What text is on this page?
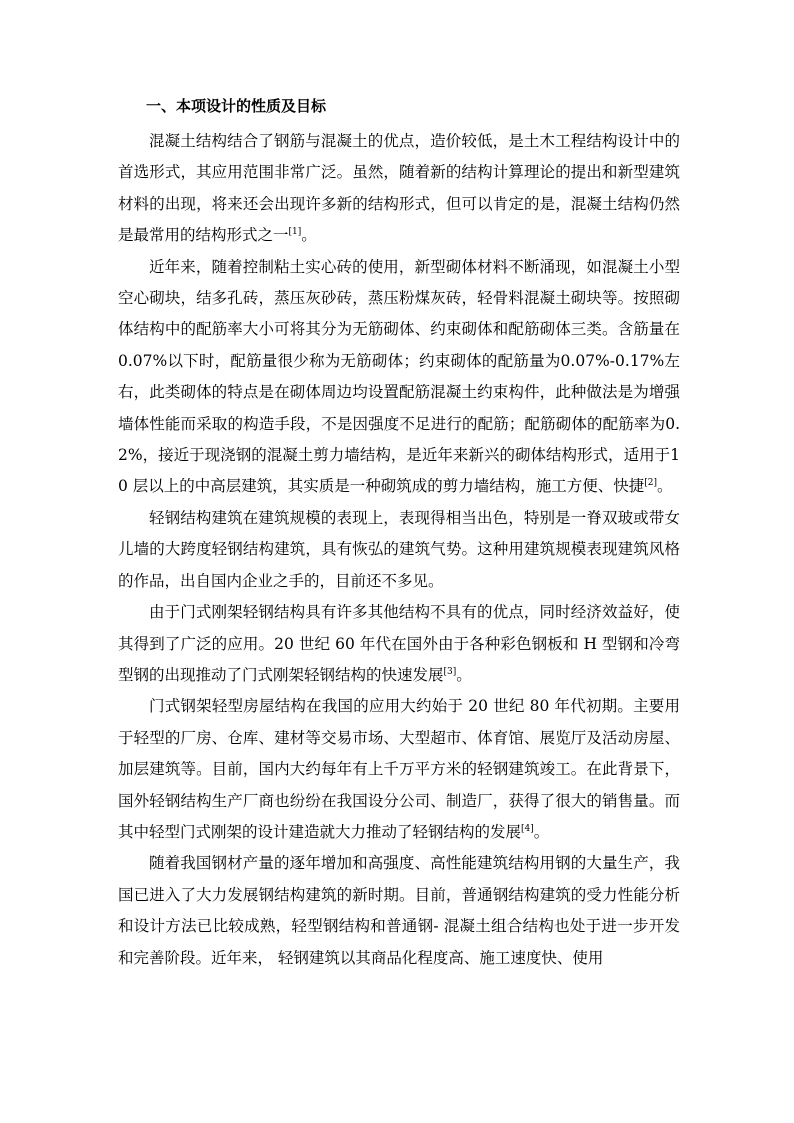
一、本项设计的性质及目标

混凝土结构结合了钢筋与混凝土的优点，造价较低，是土木工程结构设计中的首选形式，其应用范围非常广泛。虽然，随着新的结构计算理论的提出和新型建筑材料的出现，将来还会出现许多新的结构形式，但可以肯定的是，混凝土结构仍然是最常用的结构形式之一[1]。

近年来，随着控制粘土实心砖的使用，新型砌体材料不断涌现，如混凝土小型空心砌块，结多孔砖，蒸压灰砂砖，蒸压粉煤灰砖，轻骨料混凝土砌块等。按照砌体结构中的配筋率大小可将其分为无筋砌体、约束砌体和配筋砌体三类。含筋量在0.07%以下时，配筋量很少称为无筋砌体；约束砌体的配筋量为0.07%-0.17%左右，此类砌体的特点是在砌体周边均设置配筋混凝土约束构件，此种做法是为增强墙体性能而采取的构造手段，不是因强度不足进行的配筋；配筋砌体的配筋率为0.2%，接近于现浇钢的混凝土剪力墙结构，是近年来新兴的砌体结构形式，适用于10 层以上的中高层建筑，其实质是一种砌筑成的剪力墙结构，施工方便、快捷[2]。

轻钢结构建筑在建筑规模的表现上，表现得相当出色，特别是一脊双玻或带女儿墙的大跨度轻钢结构建筑，具有恢弘的建筑气势。这种用建筑规模表现建筑风格的作品，出自国内企业之手的，目前还不多见。

由于门式刚架轻钢结构具有许多其他结构不具有的优点，同时经济效益好，使其得到了广泛的应用。20 世纪 60 年代在国外由于各种彩色钢板和 H 型钢和冷弯型钢的出现推动了门式刚架轻钢结构的快速发展[3]。

门式钢架轻型房屋结构在我国的应用大约始于 20 世纪 80 年代初期。主要用于轻型的厂房、仓库、建材等交易市场、大型超市、体育馆、展览厅及活动房屋、加层建筑等。目前，国内大约每年有上千万平方米的轻钢建筑竣工。在此背景下，国外轻钢结构生产厂商也纷纷在我国设分公司、制造厂，获得了很大的销售量。而其中轻型门式刚架的设计建造就大力推动了轻钢结构的发展[4]。

随着我国钢材产量的逐年增加和高强度、高性能建筑结构用钢的大量生产，我国已进入了大力发展钢结构建筑的新时期。目前，普通钢结构建筑的受力性能分析和设计方法已比较成熟，轻型钢结构和普通钢- 混凝土组合结构也处于进一步开发和完善阶段。近年来， 轻钢建筑以其商品化程度高、施工速度快、使用
